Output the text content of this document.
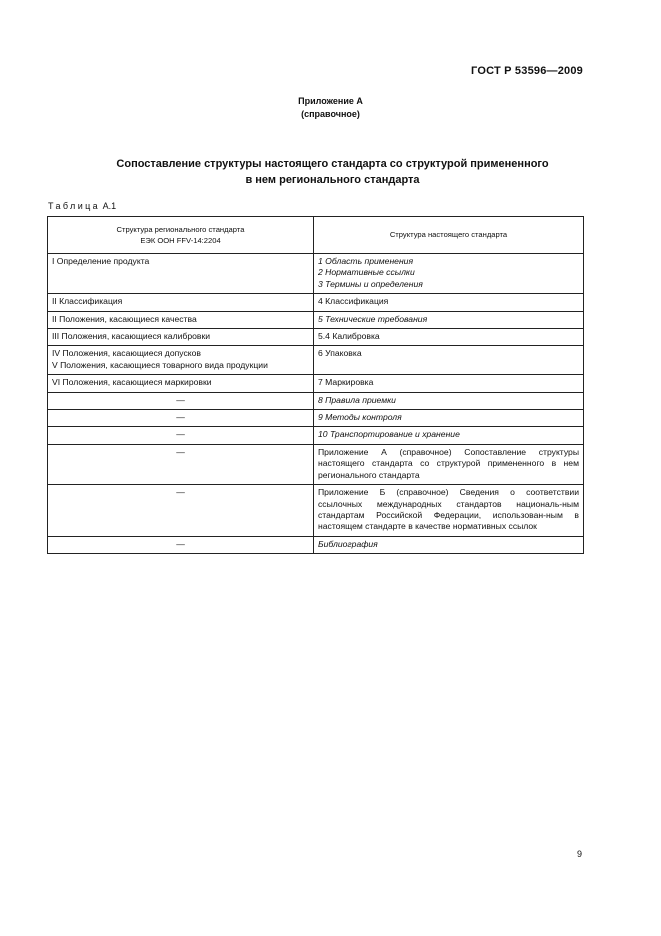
ГОСТ Р 53596—2009
Приложение А
(справочное)
Сопоставление структуры настоящего стандарта со структурой примененного
в нем регионального стандарта
Таблица А.1
Структура регионального стандарта
ЕЭК ООН FFV-14:2204	Структура настоящего стандарта

I Определение продукта	1 Область применения
2 Нормативные ссылки
3 Термины и определения

II Классификация	4 Классификация

II Положения, касающиеся качества	5 Технические требования

III Положения, касающиеся калибровки	5.4 Калибровка

IV Положения, касающиеся допусков
V Положения, касающиеся товарного вида продукции	6 Упаковка

VI Положения, касающиеся маркировки	7 Маркировка

—	8 Правила приемки

—	9 Методы контроля

—	10 Транспортирование и хранение

—	Приложение А (справочное) Сопоставление структуры настоящего стандарта со структурой примененного в нем регионального стандарта

—	Приложение Б (справочное) Сведения о соответствии ссылочных международных стандартов националь-ным стандартам Российской Федерации, использован-ным в настоящем стандарте в качестве нормативных ссылок

—	Библиография
9
